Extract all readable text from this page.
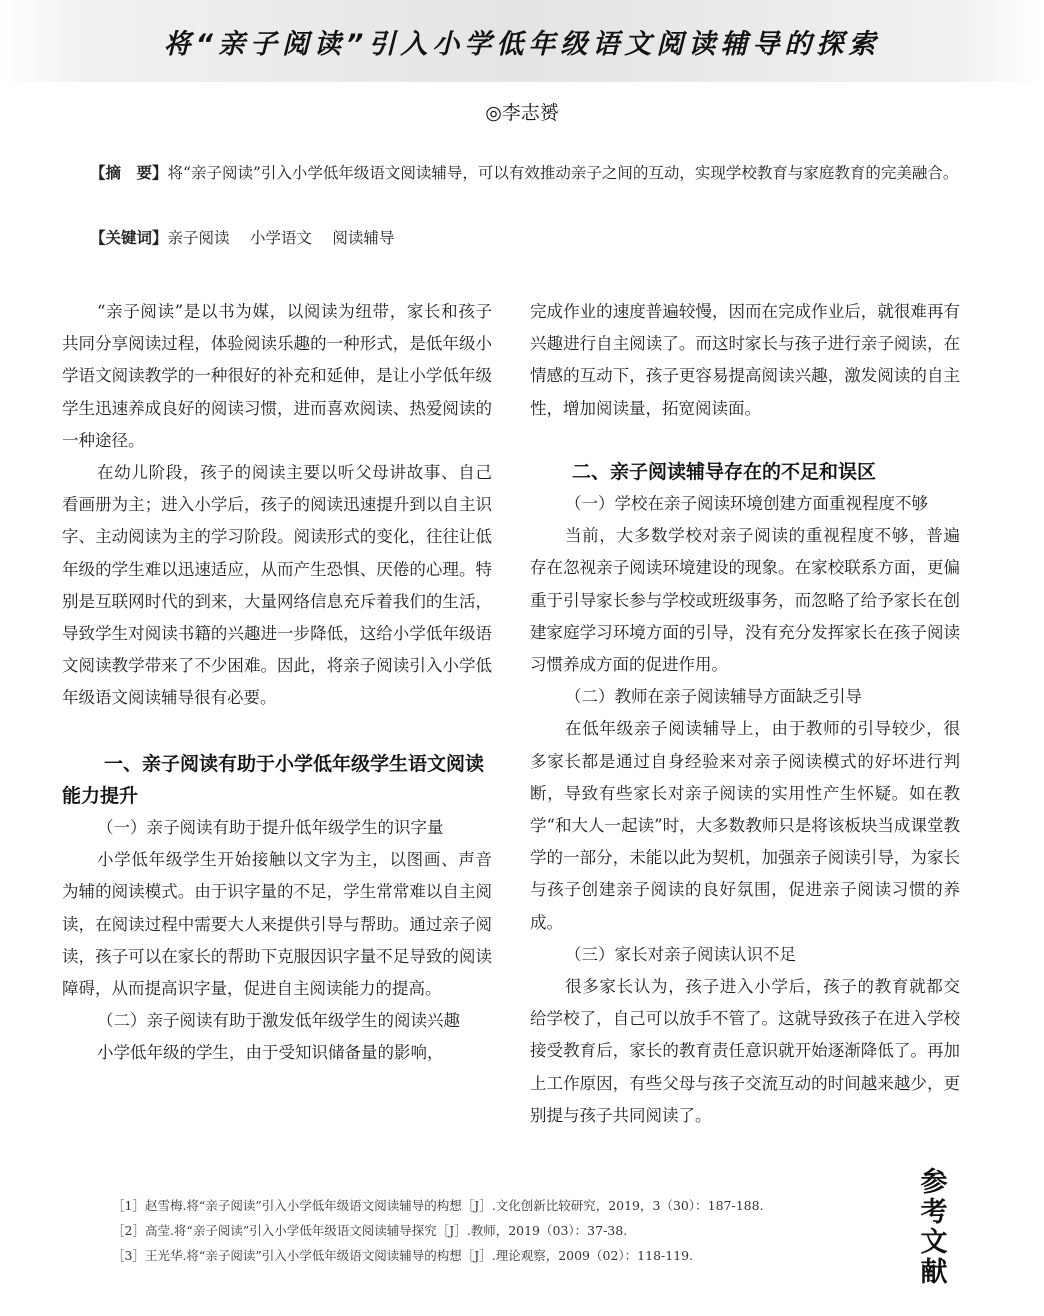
将“亲子阅读”引入小学低年级语文阅读辅导的探索
◎李志赟

【摘　要】将“亲子阅读”引入小学低年级语文阅读辅导，可以有效推动亲子之间的互动，实现学校教育与家庭教育的完美融合。

【关键词】亲子阅读　 小学语文　 阅读辅导

“亲子阅读”是以书为媒，以阅读为纽带，家长和孩子共同分享阅读过程，体验阅读乐趣的一种形式，是低年级小学语文阅读教学的一种很好的补充和延伸，是让小学低年级学生迅速养成良好的阅读习惯，进而喜欢阅读、热爱阅读的一种途径。

在幼儿阶段，孩子的阅读主要以听父母讲故事、自己看画册为主；进入小学后，孩子的阅读迅速提升到以自主识字、主动阅读为主的学习阶段。阅读形式的变化，往往让低年级的学生难以迅速适应，从而产生恐惧、厌倦的心理。特别是互联网时代的到来，大量网络信息充斥着我们的生活，导致学生对阅读书籍的兴趣进一步降低，这给小学低年级语文阅读教学带来了不少困难。因此，将亲子阅读引入小学低年级语文阅读辅导很有必要。

一、亲子阅读有助于小学低年级学生语文阅读能力提升

（一）亲子阅读有助于提升低年级学生的识字量

小学低年级学生开始接触以文字为主，以图画、声音为辅的阅读模式。由于识字量的不足，学生常常难以自主阅读，在阅读过程中需要大人来提供引导与帮助。通过亲子阅读，孩子可以在家长的帮助下克服因识字量不足导致的阅读障碍，从而提高识字量，促进自主阅读能力的提高。

（二）亲子阅读有助于激发低年级学生的阅读兴趣

小学低年级的学生，由于受知识储备量的影响，

完成作业的速度普遍较慢，因而在完成作业后，就很难再有兴趣进行自主阅读了。而这时家长与孩子进行亲子阅读，在情感的互动下，孩子更容易提高阅读兴趣，激发阅读的自主性，增加阅读量，拓宽阅读面。

二、亲子阅读辅导存在的不足和误区

（一）学校在亲子阅读环境创建方面重视程度不够

当前，大多数学校对亲子阅读的重视程度不够，普遍存在忽视亲子阅读环境建设的现象。在家校联系方面，更偏重于引导家长参与学校或班级事务，而忽略了给予家长在创建家庭学习环境方面的引导，没有充分发挥家长在孩子阅读习惯养成方面的促进作用。

（二）教师在亲子阅读辅导方面缺乏引导

在低年级亲子阅读辅导上，由于教师的引导较少，很多家长都是通过自身经验来对亲子阅读模式的好坏进行判断，导致有些家长对亲子阅读的实用性产生怀疑。如在教学“和大人一起读”时，大多数教师只是将该板块当成课堂教学的一部分，未能以此为契机，加强亲子阅读引导，为家长与孩子创建亲子阅读的良好氛围，促进亲子阅读习惯的养成。

（三）家长对亲子阅读认识不足

很多家长认为，孩子进入小学后，孩子的教育就都交给学校了，自己可以放手不管了。这就导致孩子在进入学校接受教育后，家长的教育责任意识就开始逐渐降低了。再加上工作原因，有些父母与孩子交流互动的时间越来越少，更别提与孩子共同阅读了。

［1］赵雪梅.将“亲子阅读”引入小学低年级语文阅读辅导的构想［J］.文化创新比较研究，2019，3（30）：187-188.
［2］高莹.将“亲子阅读”引入小学低年级语文阅读辅导探究［J］.教师，2019（03）：37-38.
［3］王光华.将“亲子阅读”引入小学低年级语文阅读辅导的构想［J］.理论观察，2009（02）：118-119.
参考文献
